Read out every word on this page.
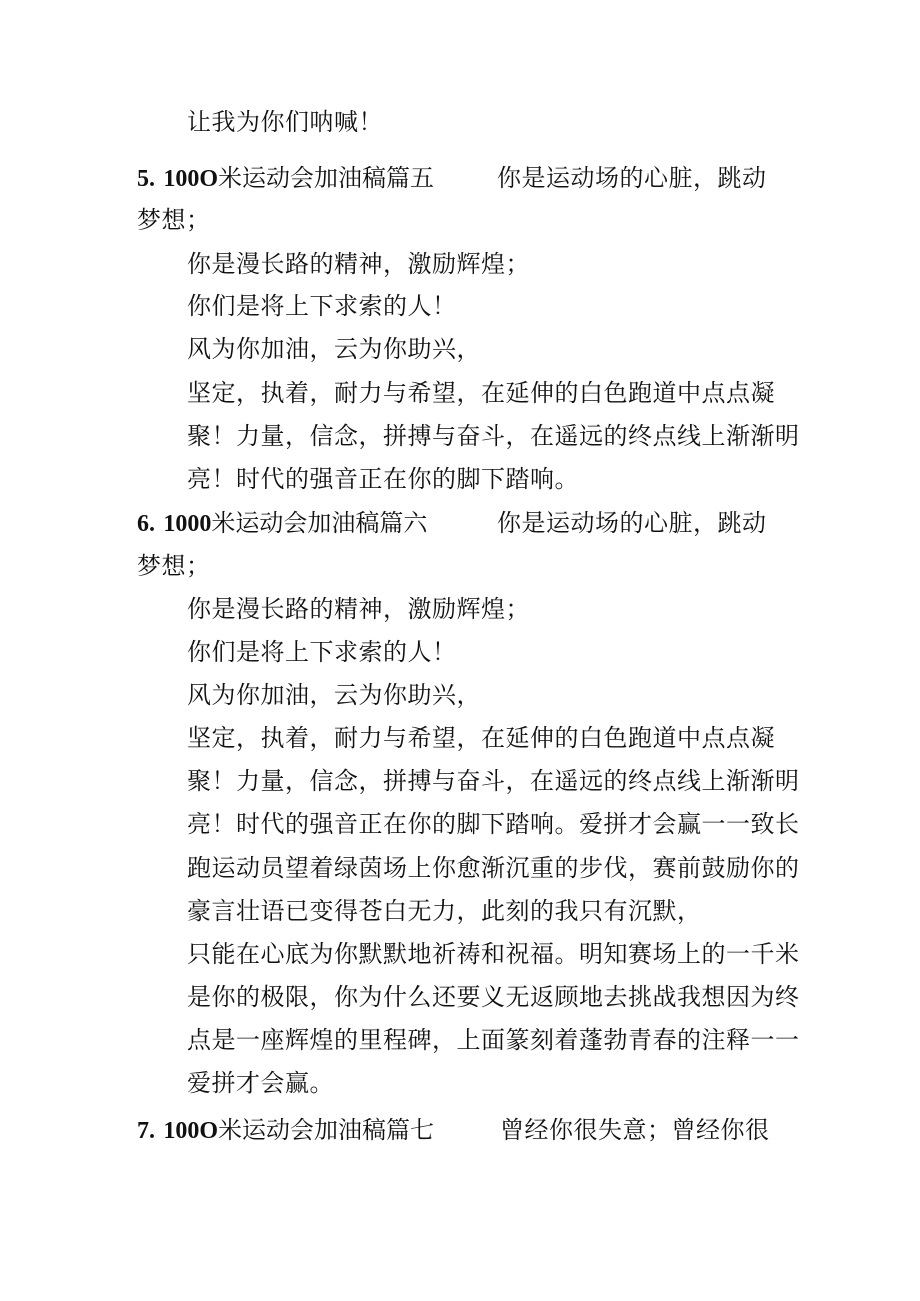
让我为你们呐喊！
5. 100O米运动会加油稿篇五	你是运动场的心脏，跳动
梦想；
你是漫长路的精神，激励辉煌；
你们是将上下求索的人！
风为你加油，云为你助兴，
坚定，执着，耐力与希望，在延伸的白色跑道中点点凝
聚！力量，信念，拼搏与奋斗，在遥远的终点线上渐渐明
亮！时代的强音正在你的脚下踏响。
6. 1000米运动会加油稿篇六	你是运动场的心脏，跳动
梦想；
你是漫长路的精神，激励辉煌；
你们是将上下求索的人！
风为你加油，云为你助兴，
坚定，执着，耐力与希望，在延伸的白色跑道中点点凝
聚！力量，信念，拼搏与奋斗，在遥远的终点线上渐渐明
亮！时代的强音正在你的脚下踏响。爱拼才会赢一一致长
跑运动员望着绿茵场上你愈渐沉重的步伐，赛前鼓励你的
豪言壮语已变得苍白无力，此刻的我只有沉默，
只能在心底为你默默地祈祷和祝福。明知赛场上的一千米
是你的极限，你为什么还要义无返顾地去挑战我想因为终
点是一座辉煌的里程碑，上面篆刻着蓬勃青春的注释一一
爱拼才会赢。
7. 100O米运动会加油稿篇七	曾经你很失意；曾经你很
